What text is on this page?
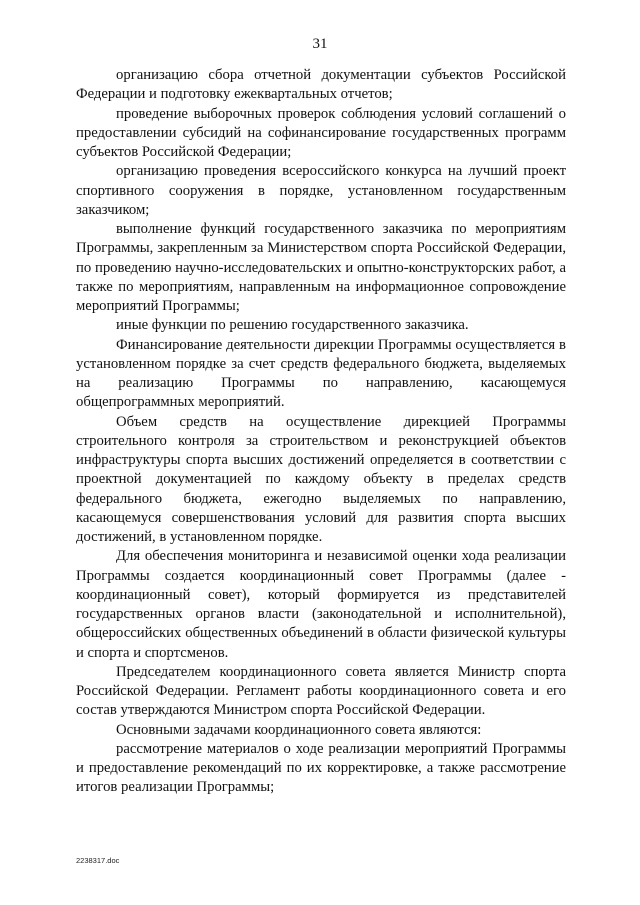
31

организацию сбора отчетной документации субъектов Российской Федерации и подготовку ежеквартальных отчетов;

проведение выборочных проверок соблюдения условий соглашений о предоставлении субсидий на софинансирование государственных программ субъектов Российской Федерации;

организацию проведения всероссийского конкурса на лучший проект спортивного сооружения в порядке, установленном государственным заказчиком;

выполнение функций государственного заказчика по мероприятиям Программы, закрепленным за Министерством спорта Российской Федерации, по проведению научно-исследовательских и опытно-конструкторских работ, а также по мероприятиям, направленным на информационное сопровождение мероприятий Программы;

иные функции по решению государственного заказчика.

Финансирование деятельности дирекции Программы осуществляется в установленном порядке за счет средств федерального бюджета, выделяемых на реализацию Программы по направлению, касающемуся общепрограммных мероприятий.

Объем средств на осуществление дирекцией Программы строительного контроля за строительством и реконструкцией объектов инфраструктуры спорта высших достижений определяется в соответствии с проектной документацией по каждому объекту в пределах средств федерального бюджета, ежегодно выделяемых по направлению, касающемуся совершенствования условий для развития спорта высших достижений, в установленном порядке.

Для обеспечения мониторинга и независимой оценки хода реализации Программы создается координационный совет Программы (далее - координационный совет), который формируется из представителей государственных органов власти (законодательной и исполнительной), общероссийских общественных объединений в области физической культуры и спорта и спортсменов.

Председателем координационного совета является Министр спорта Российской Федерации. Регламент работы координационного совета и его состав утверждаются Министром спорта Российской Федерации.

Основными задачами координационного совета являются:

рассмотрение материалов о ходе реализации мероприятий Программы и предоставление рекомендаций по их корректировке, а также рассмотрение итогов реализации Программы;

2238317.doc
